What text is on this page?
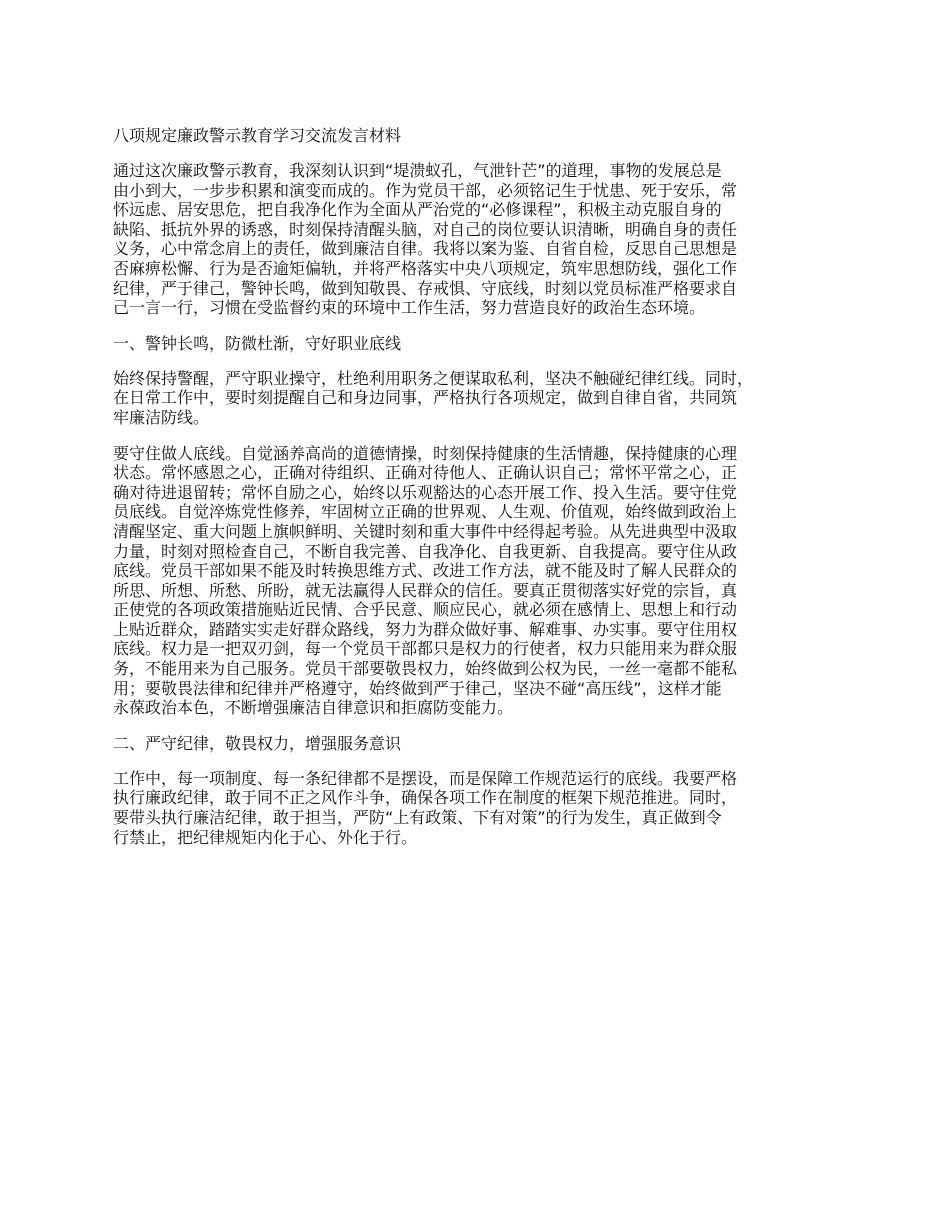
八项规定廉政警示教育学习交流发言材料
通过这次廉政警示教育，我深刻认识到“堤溃蚁孔，气泄针芒”的道理，事物的发展总是
由小到大，一步步积累和演变而成的。作为党员干部，必须铭记生于忧患、死于安乐，常
怀远虑、居安思危，把自我净化作为全面从严治党的“必修课程”，积极主动克服自身的
缺陷、抵抗外界的诱惑，时刻保持清醒头脑，对自己的岗位要认识清晰，明确自身的责任
义务，心中常念肩上的责任，做到廉洁自律。我将以案为鉴、自省自检，反思自己思想是
否麻痹松懈、行为是否逾矩偏轨，并将严格落实中央八项规定，筑牢思想防线，强化工作
纪律，严于律己，警钟长鸣，做到知敬畏、存戒惧、守底线，时刻以党员标准严格要求自
己一言一行，习惯在受监督约束的环境中工作生活，努力营造良好的政治生态环境。
一、警钟长鸣，防微杜渐，守好职业底线
始终保持警醒，严守职业操守，杜绝利用职务之便谋取私利，坚决不触碰纪律红线。同时，
在日常工作中，要时刻提醒自己和身边同事，严格执行各项规定，做到自律自省，共同筑
牢廉洁防线。
要守住做人底线。自觉涵养高尚的道德情操，时刻保持健康的生活情趣，保持健康的心理
状态。常怀感恩之心，正确对待组织、正确对待他人、正确认识自己；常怀平常之心，正
确对待进退留转；常怀自励之心，始终以乐观豁达的心态开展工作、投入生活。要守住党
员底线。自觉淬炼党性修养，牢固树立正确的世界观、人生观、价值观，始终做到政治上
清醒坚定、重大问题上旗帜鲜明、关键时刻和重大事件中经得起考验。从先进典型中汲取
力量，时刻对照检查自己，不断自我完善、自我净化、自我更新、自我提高。要守住从政
底线。党员干部如果不能及时转换思维方式、改进工作方法，就不能及时了解人民群众的
所思、所想、所愁、所盼，就无法赢得人民群众的信任。要真正贯彻落实好党的宗旨，真
正使党的各项政策措施贴近民情、合乎民意、顺应民心，就必须在感情上、思想上和行动
上贴近群众，踏踏实实走好群众路线，努力为群众做好事、解难事、办实事。要守住用权
底线。权力是一把双刃剑，每一个党员干部都只是权力的行使者，权力只能用来为群众服
务，不能用来为自己服务。党员干部要敬畏权力，始终做到公权为民，一丝一毫都不能私
用；要敬畏法律和纪律并严格遵守，始终做到严于律己，坚决不碰“高压线”，这样才能
永葆政治本色，不断增强廉洁自律意识和拒腐防变能力。
二、严守纪律，敬畏权力，增强服务意识
工作中，每一项制度、每一条纪律都不是摆设，而是保障工作规范运行的底线。我要严格
执行廉政纪律，敢于同不正之风作斗争，确保各项工作在制度的框架下规范推进。同时，
要带头执行廉洁纪律，敢于担当，严防“上有政策、下有对策”的行为发生，真正做到令
行禁止，把纪律规矩内化于心、外化于行。
